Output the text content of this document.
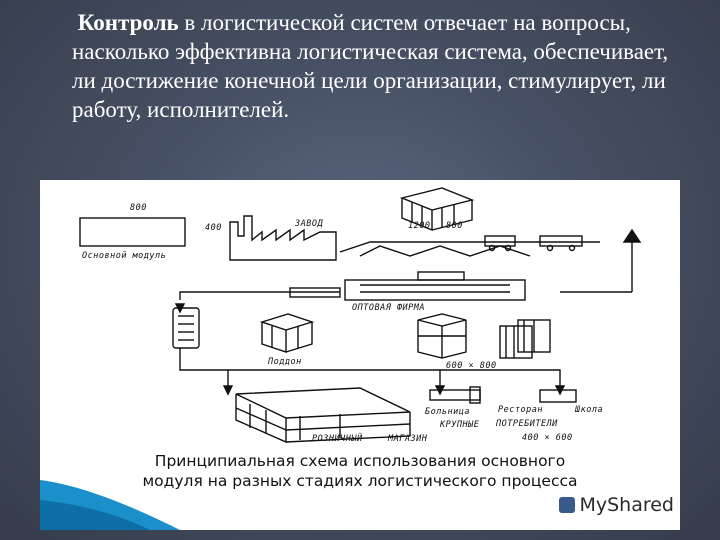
Контроль в логистической систем отвечает на вопросы, насколько эффективна логистическая система, обеспечивает, ли достижение конечной цели организации, стимулирует, ли работу, исполнителей.
800
400
Основной модуль
ЗАВОД	1200 800
ОПТОВАЯ ФИРМА
Поддон	600 × 800
Больница	Ресторан	Школа
КРУПНЫЕ ПОТРЕБИТЕЛИ
400 × 600
РОЗНИЧНЫЙ	МАГАЗИН
Принципиальная схема использования основного
модуля на разных стадиях логистического процесса
MyShared
